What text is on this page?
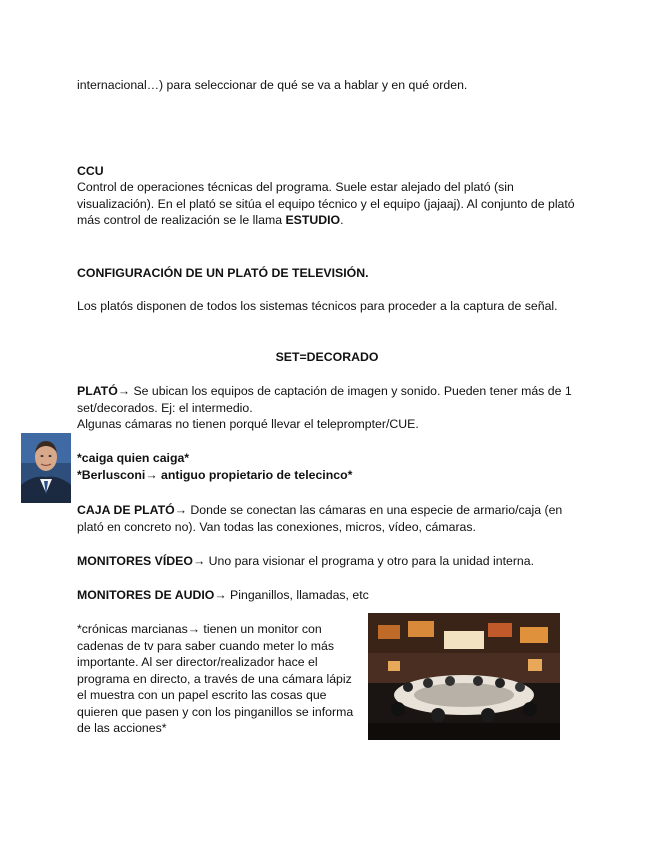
internacional…) para seleccionar de qué se va a hablar y en qué orden.

CCU

Control de operaciones técnicas del programa. Suele estar alejado del plató (sin visualización). En el plató se sitúa el equipo técnico y el equipo (jajaaj). Al conjunto de plató más control de realización se le llama ESTUDIO.

CONFIGURACIÓN DE UN PLATÓ DE TELEVISIÓN.

Los platós disponen de todos los sistemas técnicos para proceder a la captura de señal.

SET=DECORADO

PLATÓ→ Se ubican los equipos de captación de imagen y sonido. Pueden tener más de 1 set/decorados. Ej: el intermedio.
Algunas cámaras no tienen porqué llevar el teleprompter/CUE.

*caiga quien caiga*
*Berlusconi→ antiguo propietario de telecinco*

CAJA DE PLATÓ→ Donde se conectan las cámaras en una especie de armario/caja (en plató en concreto no). Van todas las conexiones, micros, vídeo, cámaras.

MONITORES VÍDEO→ Uno para visionar el programa y otro para la unidad interna.

MONITORES DE AUDIO→ Pinganillos, llamadas, etc

*crónicas marcianas→ tienen un monitor con cadenas de tv para saber cuando meter lo más importante. Al ser director/realizador hace el programa en directo, a través de una cámara lápiz el muestra con un papel escrito las cosas que quieren que pasen y con los pinganillos se informa de las acciones*
